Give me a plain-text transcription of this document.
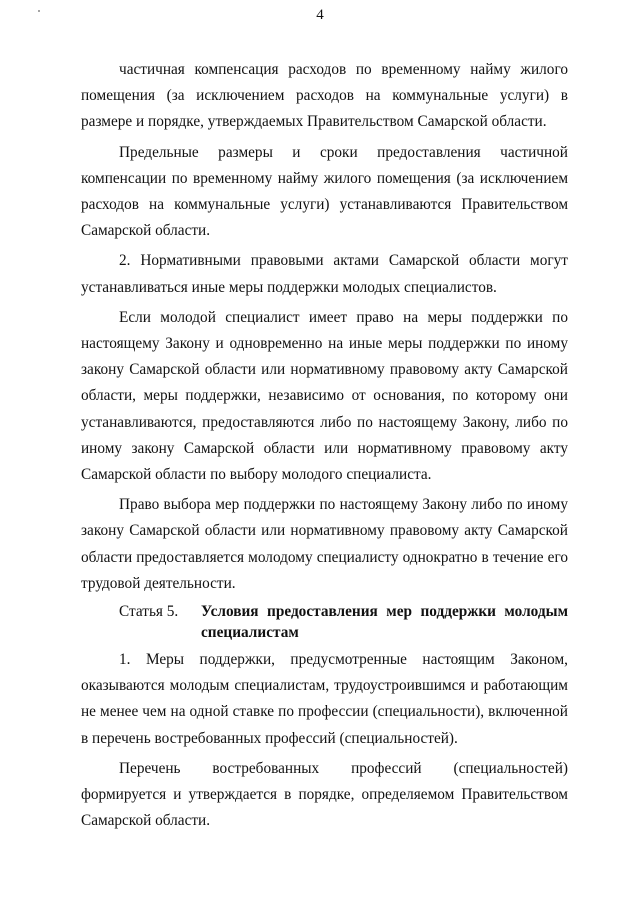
4

частичная компенсация расходов по временному найму жилого помещения (за исключением расходов на коммунальные услуги) в размере и порядке, утверждаемых Правительством Самарской области.

Предельные размеры и сроки предоставления частичной компенсации по временному найму жилого помещения (за исключением расходов на коммунальные услуги) устанавливаются Правительством Самарской области.

2. Нормативными правовыми актами Самарской области могут устанавливаться иные меры поддержки молодых специалистов.

Если молодой специалист имеет право на меры поддержки по настоящему Закону и одновременно на иные меры поддержки по иному закону Самарской области или нормативному правовому акту Самарской области, меры поддержки, независимо от основания, по которому они устанавливаются, предоставляются либо по настоящему Закону, либо по иному закону Самарской области или нормативному правовому акту Самарской области по выбору молодого специалиста.

Право выбора мер поддержки по настоящему Закону либо по иному закону Самарской области или нормативному правовому акту Самарской области предоставляется молодому специалисту однократно в течение его трудовой деятельности.

Статья 5.	Условия предоставления мер поддержки молодым специалистам

1. Меры поддержки, предусмотренные настоящим Законом, оказываются молодым специалистам, трудоустроившимся и работающим не менее чем на одной ставке по профессии (специальности), включенной в перечень востребованных профессий (специальностей).

Перечень востребованных профессий (специальностей) формируется и утверждается в порядке, определяемом Правительством Самарской области.
